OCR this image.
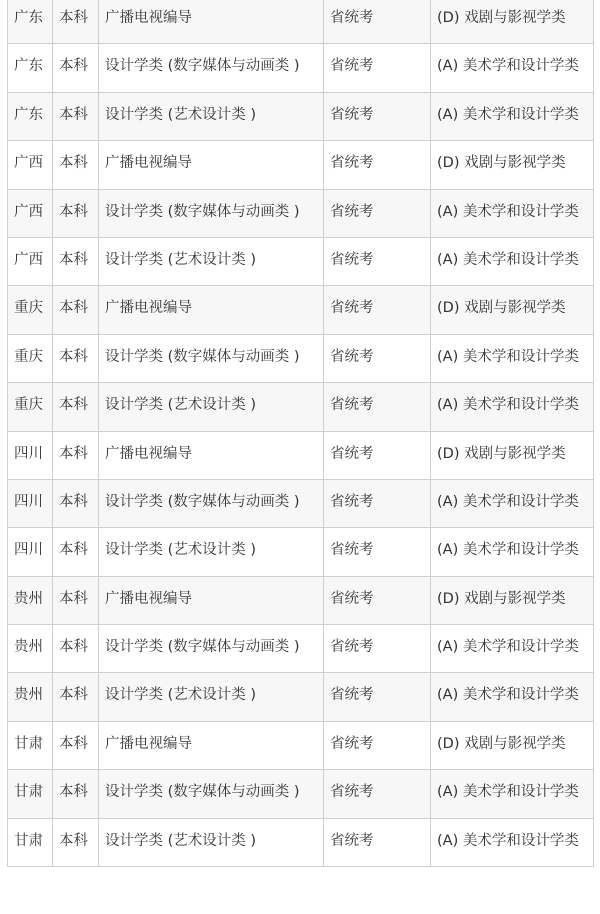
广东	本科	广播电视编导	省统考	(D) 戏剧与影视学类
广东	本科	设计学类 (数字媒体与动画类 )	省统考	(A) 美术学和设计学类
广东	本科	设计学类 (艺术设计类 )	省统考	(A) 美术学和设计学类
广西	本科	广播电视编导	省统考	(D) 戏剧与影视学类
广西	本科	设计学类 (数字媒体与动画类 )	省统考	(A) 美术学和设计学类
广西	本科	设计学类 (艺术设计类 )	省统考	(A) 美术学和设计学类
重庆	本科	广播电视编导	省统考	(D) 戏剧与影视学类
重庆	本科	设计学类 (数字媒体与动画类 )	省统考	(A) 美术学和设计学类
重庆	本科	设计学类 (艺术设计类 )	省统考	(A) 美术学和设计学类
四川	本科	广播电视编导	省统考	(D) 戏剧与影视学类
四川	本科	设计学类 (数字媒体与动画类 )	省统考	(A) 美术学和设计学类
四川	本科	设计学类 (艺术设计类 )	省统考	(A) 美术学和设计学类
贵州	本科	广播电视编导	省统考	(D) 戏剧与影视学类
贵州	本科	设计学类 (数字媒体与动画类 )	省统考	(A) 美术学和设计学类
贵州	本科	设计学类 (艺术设计类 )	省统考	(A) 美术学和设计学类
甘肃	本科	广播电视编导	省统考	(D) 戏剧与影视学类
甘肃	本科	设计学类 (数字媒体与动画类 )	省统考	(A) 美术学和设计学类
甘肃	本科	设计学类 (艺术设计类 )	省统考	(A) 美术学和设计学类
